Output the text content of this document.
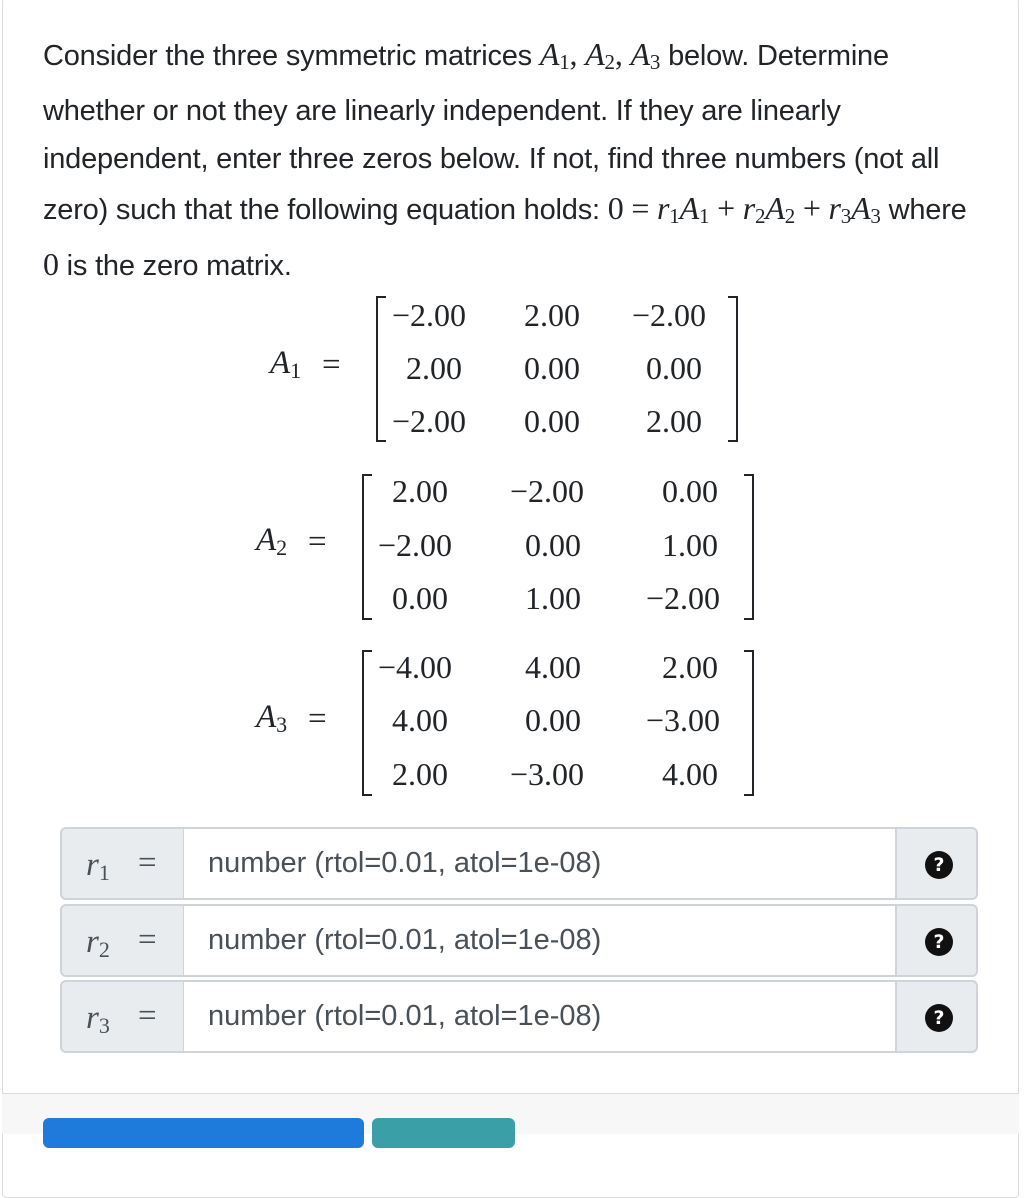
Consider the three symmetric matrices $A_1$, $A_2$, $A_3$ below. Determine whether or not they are linearly independent. If they are linearly independent, enter three zeros below. If not, find three numbers (not all zero) such that the following equation holds: $0 = r_1A_1 + r_2A_2 + r_3A_3$ where 0 is the zero matrix.
$A_1$ =
−2.00 2.00 −2.00
2.00 0.00 0.00
−2.00 0.00 2.00
$A_2$ =
2.00 −2.00 0.00
−2.00 0.00	1.00
0.00 1.00 −2.00
$A_3$ =
−4.00 4.00	2.00
4.00 0.00 −3.00
2.00 −3.00 4.00
$r_1$ =
number (rtol=0.01, atol=1e-08)	?
$r_2$ =
number (rtol=0.01, atol=1e-08)	?
$r_3$ =
number (rtol=0.01, atol=1e-08)	?
